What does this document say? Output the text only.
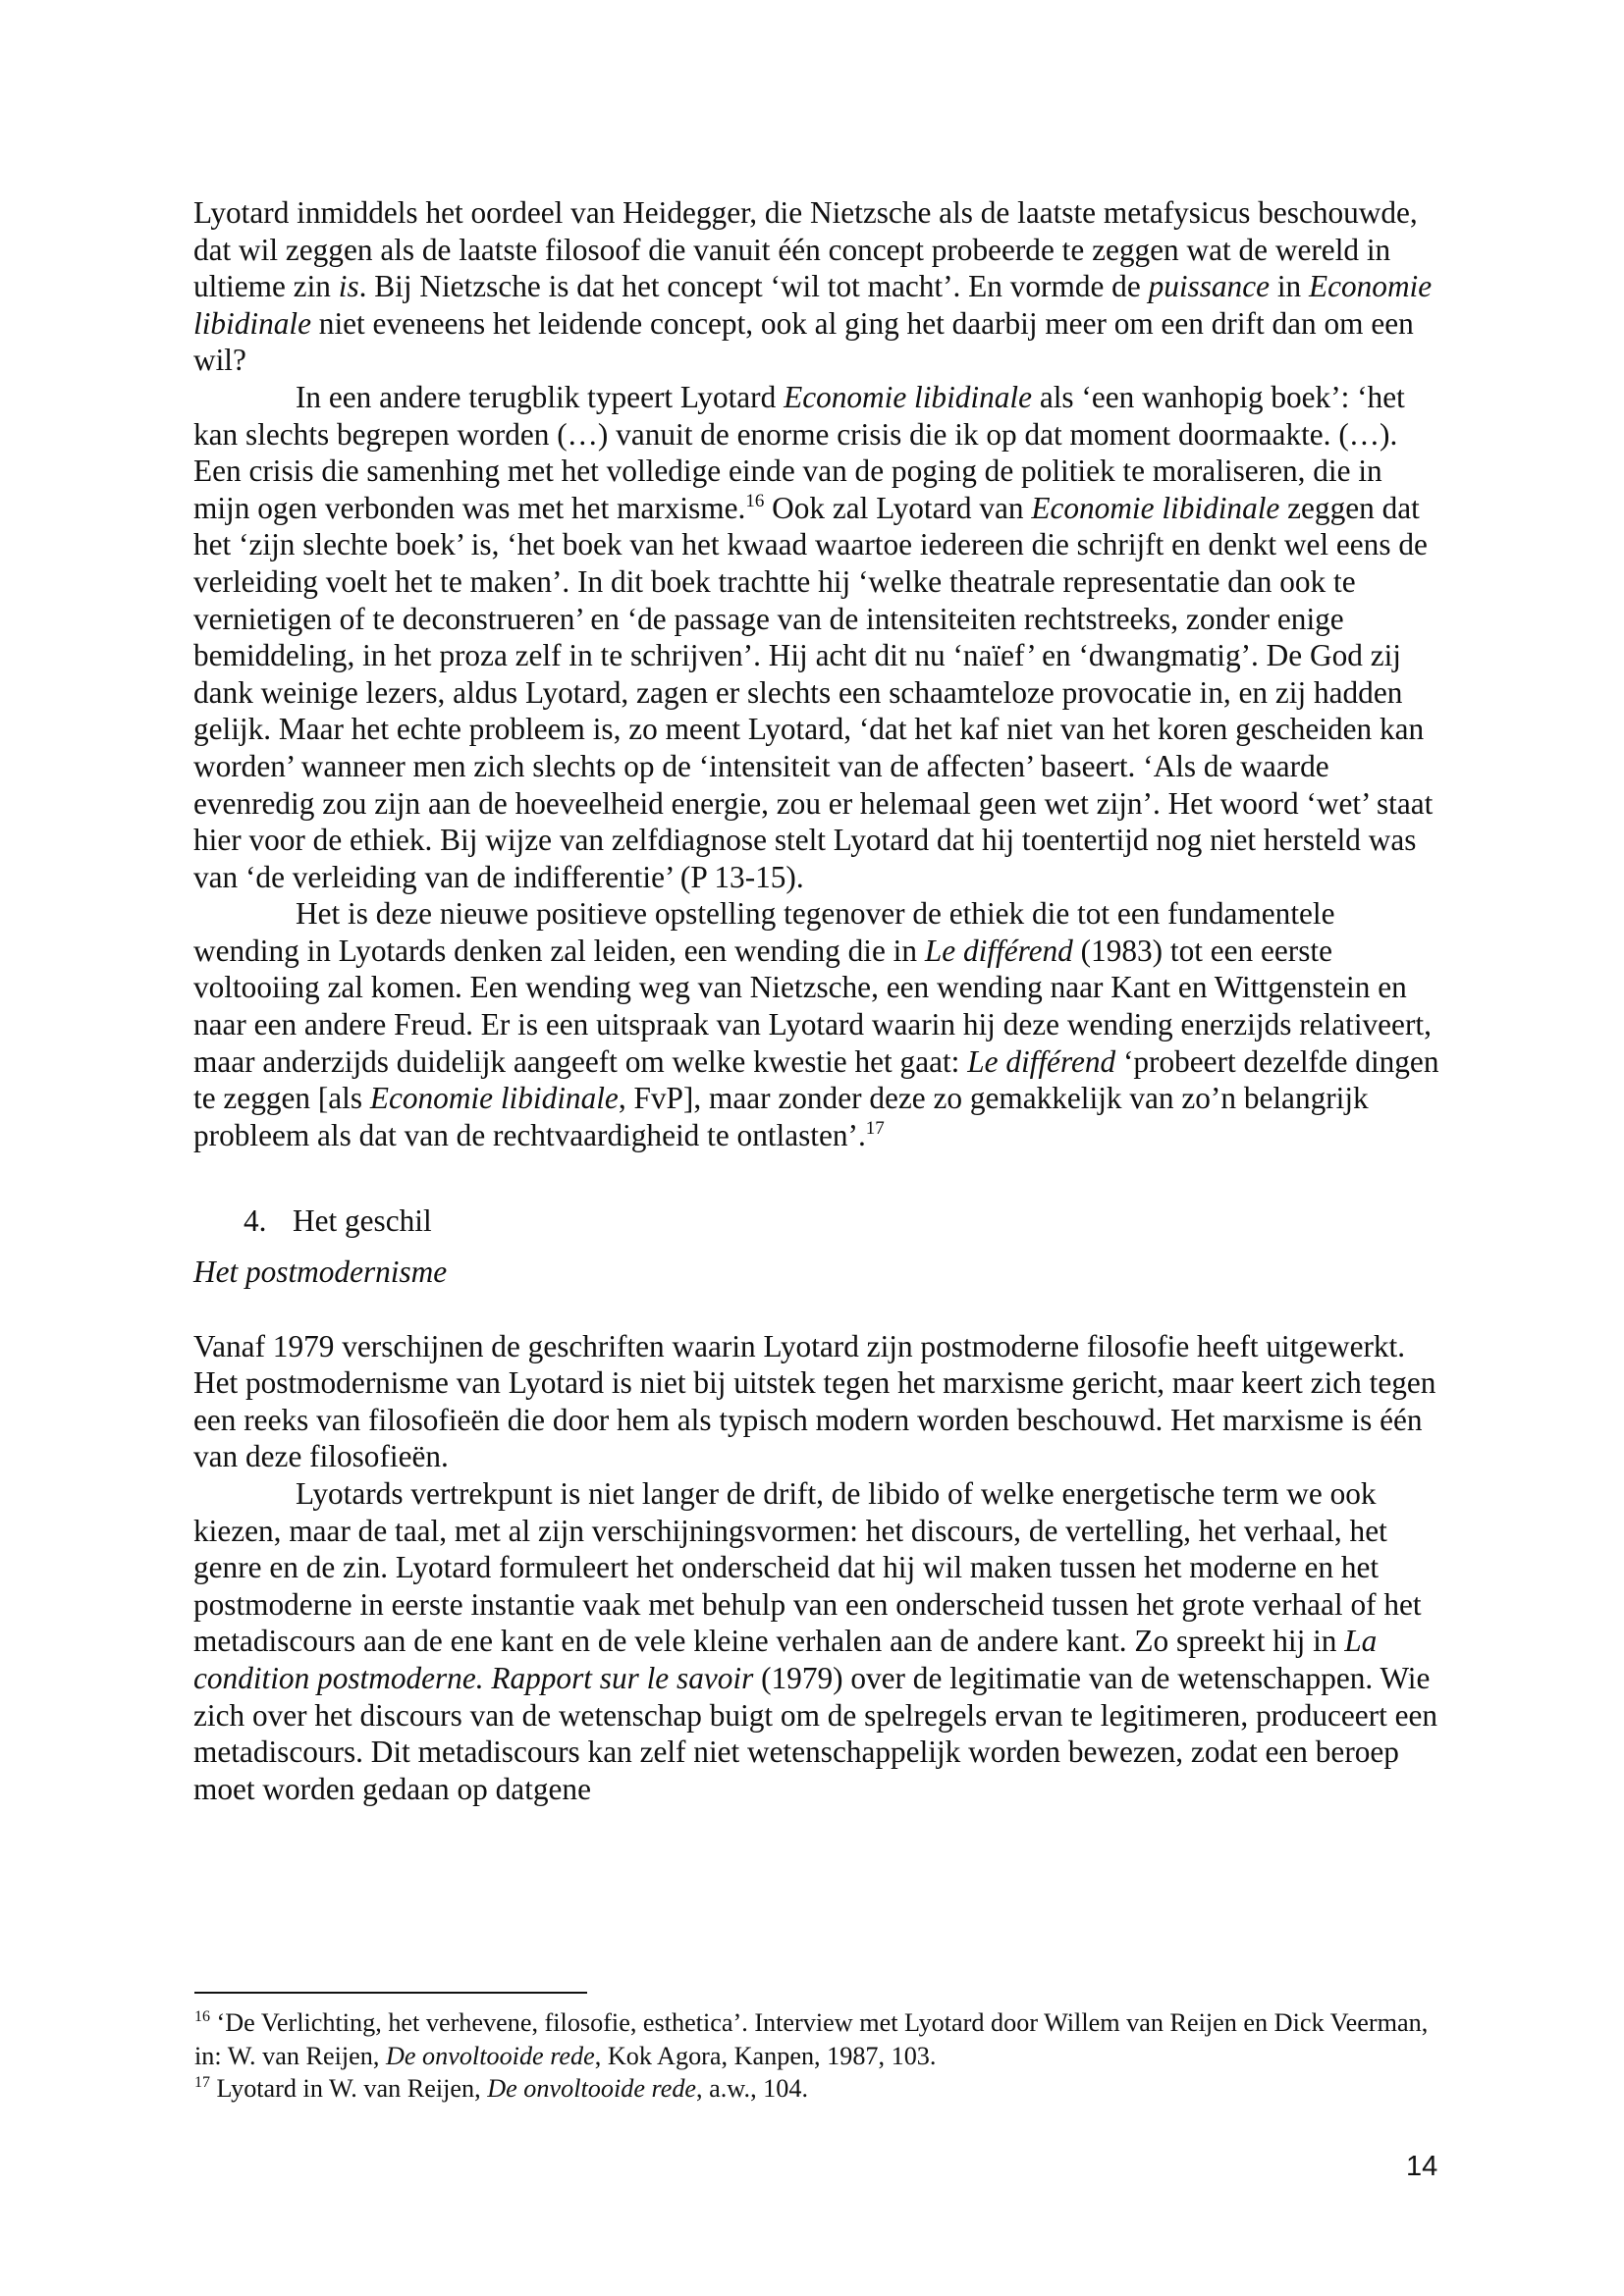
Lyotard inmiddels het oordeel van Heidegger, die Nietzsche als de laatste metafysicus beschouwde, dat wil zeggen als de laatste filosoof die vanuit één concept probeerde te zeggen wat de wereld in ultieme zin is. Bij Nietzsche is dat het concept ‘wil tot macht’. En vormde de puissance in Economie libidinale niet eveneens het leidende concept, ook al ging het daarbij meer om een drift dan om een wil?

In een andere terugblik typeert Lyotard Economie libidinale als ‘een wanhopig boek’: ‘het kan slechts begrepen worden (…) vanuit de enorme crisis die ik op dat moment doormaakte. (…). Een crisis die samenhing met het volledige einde van de poging de politiek te moraliseren, die in mijn ogen verbonden was met het marxisme.$^{16}$ Ook zal Lyotard van Economie libidinale zeggen dat het ‘zijn slechte boek’ is, ‘het boek van het kwaad waartoe iedereen die schrijft en denkt wel eens de verleiding voelt het te maken’. In dit boek trachtte hij ‘welke theatrale representatie dan ook te vernietigen of te deconstrueren’ en ‘de passage van de intensiteiten rechtstreeks, zonder enige bemiddeling, in het proza zelf in te schrijven’. Hij acht dit nu ‘naïef’ en ‘dwangmatig’. De God zij dank weinige lezers, aldus Lyotard, zagen er slechts een schaamteloze provocatie in, en zij hadden gelijk. Maar het echte probleem is, zo meent Lyotard, ‘dat het kaf niet van het koren gescheiden kan worden’ wanneer men zich slechts op de ‘intensiteit van de affecten’ baseert. ‘Als de waarde evenredig zou zijn aan de hoeveelheid energie, zou er helemaal geen wet zijn’. Het woord ‘wet’ staat hier voor de ethiek. Bij wijze van zelfdiagnose stelt Lyotard dat hij toentertijd nog niet hersteld was van ‘de verleiding van de indifferentie’ (P 13-15).

Het is deze nieuwe positieve opstelling tegenover de ethiek die tot een fundamentele wending in Lyotards denken zal leiden, een wending die in Le différend (1983) tot een eerste voltooiing zal komen. Een wending weg van Nietzsche, een wending naar Kant en Wittgenstein en naar een andere Freud. Er is een uitspraak van Lyotard waarin hij deze wending enerzijds relativeert, maar anderzijds duidelijk aangeeft om welke kwestie het gaat: Le différend ‘probeert dezelfde dingen te zeggen [als Economie libidinale, FvP], maar zonder deze zo gemakkelijk van zo’n belangrijk probleem als dat van de rechtvaardigheid te ontlasten’.$^{17}$

4. Het geschil

Het postmodernisme

Vanaf 1979 verschijnen de geschriften waarin Lyotard zijn postmoderne filosofie heeft uitgewerkt. Het postmodernisme van Lyotard is niet bij uitstek tegen het marxisme gericht, maar keert zich tegen een reeks van filosofieën die door hem als typisch modern worden beschouwd. Het marxisme is één van deze filosofieën.

Lyotards vertrekpunt is niet langer de drift, de libido of welke energetische term we ook kiezen, maar de taal, met al zijn verschijningsvormen: het discours, de vertelling, het verhaal, het genre en de zin. Lyotard formuleert het onderscheid dat hij wil maken tussen het moderne en het postmoderne in eerste instantie vaak met behulp van een onderscheid tussen het grote verhaal of het metadiscours aan de ene kant en de vele kleine verhalen aan de andere kant. Zo spreekt hij in La condition postmoderne. Rapport sur le savoir (1979) over de legitimatie van de wetenschappen. Wie zich over het discours van de wetenschap buigt om de spelregels ervan te legitimeren, produceert een metadiscours. Dit metadiscours kan zelf niet wetenschappelijk worden bewezen, zodat een beroep moet worden gedaan op datgene

$^{16}$ ‘De Verlichting, het verhevene, filosofie, esthetica’. Interview met Lyotard door Willem van Reijen en Dick Veerman, in: W. van Reijen, De onvoltooide rede, Kok Agora, Kanpen, 1987, 103.

$^{17}$ Lyotard in W. van Reijen, De onvoltooide rede, a.w., 104.

14
